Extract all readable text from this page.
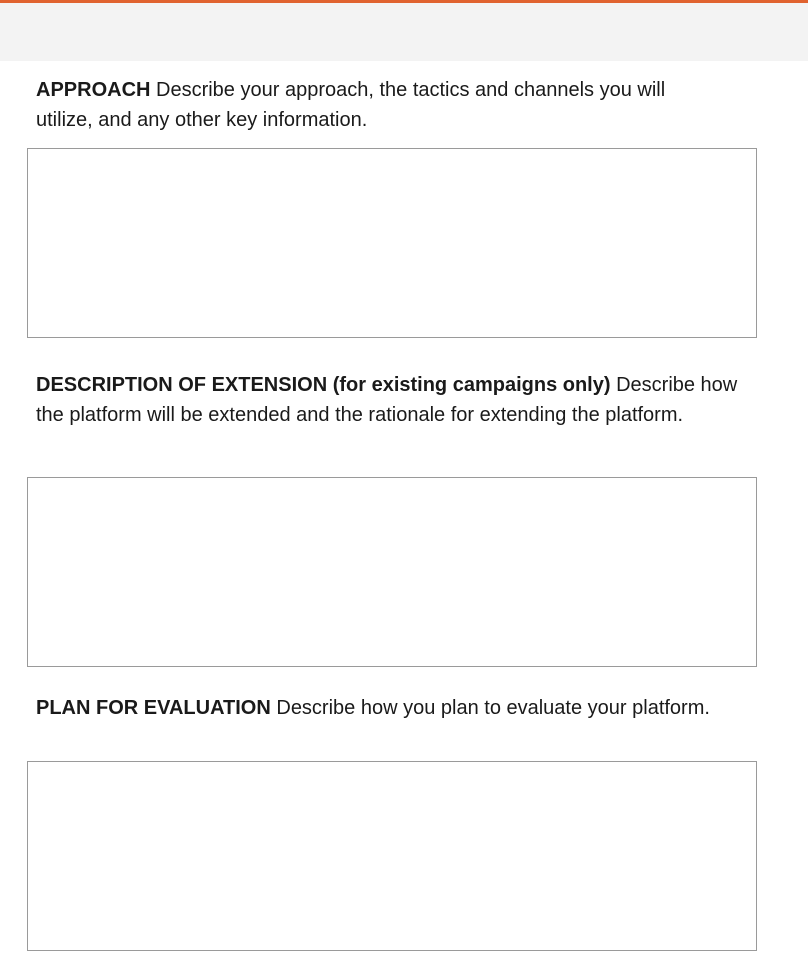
APPROACH Describe your approach, the tactics and channels you will utilize, and any other key information.

DESCRIPTION OF EXTENSION (for existing campaigns only) Describe how the platform will be extended and the rationale for extending the platform.

PLAN FOR EVALUATION Describe how you plan to evaluate your platform.
